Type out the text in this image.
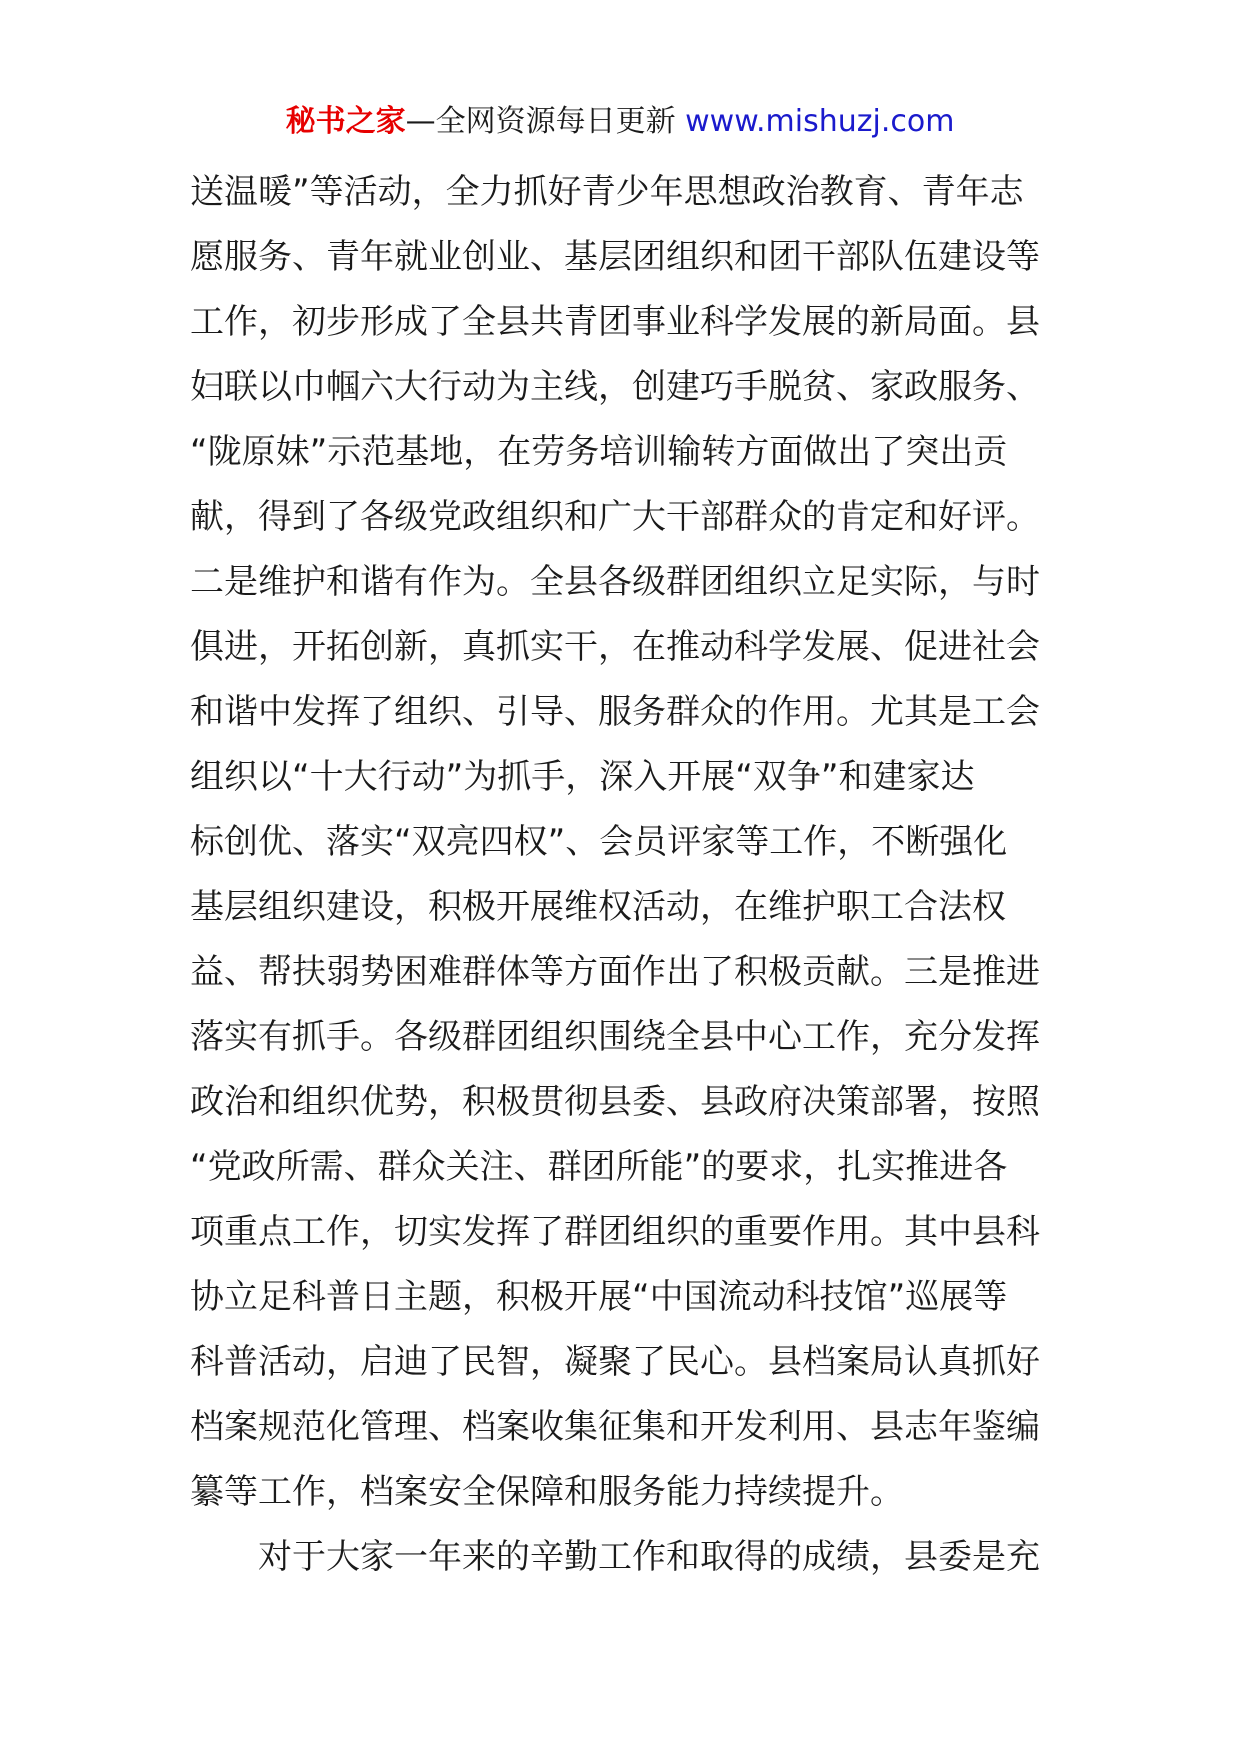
秘书之家—全网资源每日更新 www.mishuzj.com
送温暖”等活动，全力抓好青少年思想政治教育、青年志
愿服务、青年就业创业、基层团组织和团干部队伍建设等
工作，初步形成了全县共青团事业科学发展的新局面。县
妇联以巾帼六大行动为主线，创建巧手脱贫、家政服务、
“陇原妹”示范基地，在劳务培训输转方面做出了突出贡
献，得到了各级党政组织和广大干部群众的肯定和好评。
二是维护和谐有作为。全县各级群团组织立足实际，与时
俱进，开拓创新，真抓实干，在推动科学发展、促进社会
和谐中发挥了组织、引导、服务群众的作用。尤其是工会
组织以“十大行动”为抓手，深入开展“双争”和建家达
标创优、落实“双亮四权”、会员评家等工作，不断强化
基层组织建设，积极开展维权活动，在维护职工合法权
益、帮扶弱势困难群体等方面作出了积极贡献。三是推进
落实有抓手。各级群团组织围绕全县中心工作，充分发挥
政治和组织优势，积极贯彻县委、县政府决策部署，按照
“党政所需、群众关注、群团所能”的要求，扎实推进各
项重点工作，切实发挥了群团组织的重要作用。其中县科
协立足科普日主题，积极开展“中国流动科技馆”巡展等
科普活动，启迪了民智，凝聚了民心。县档案局认真抓好
档案规范化管理、档案收集征集和开发利用、县志年鉴编
纂等工作，档案安全保障和服务能力持续提升。
对于大家一年来的辛勤工作和取得的成绩，县委是充
